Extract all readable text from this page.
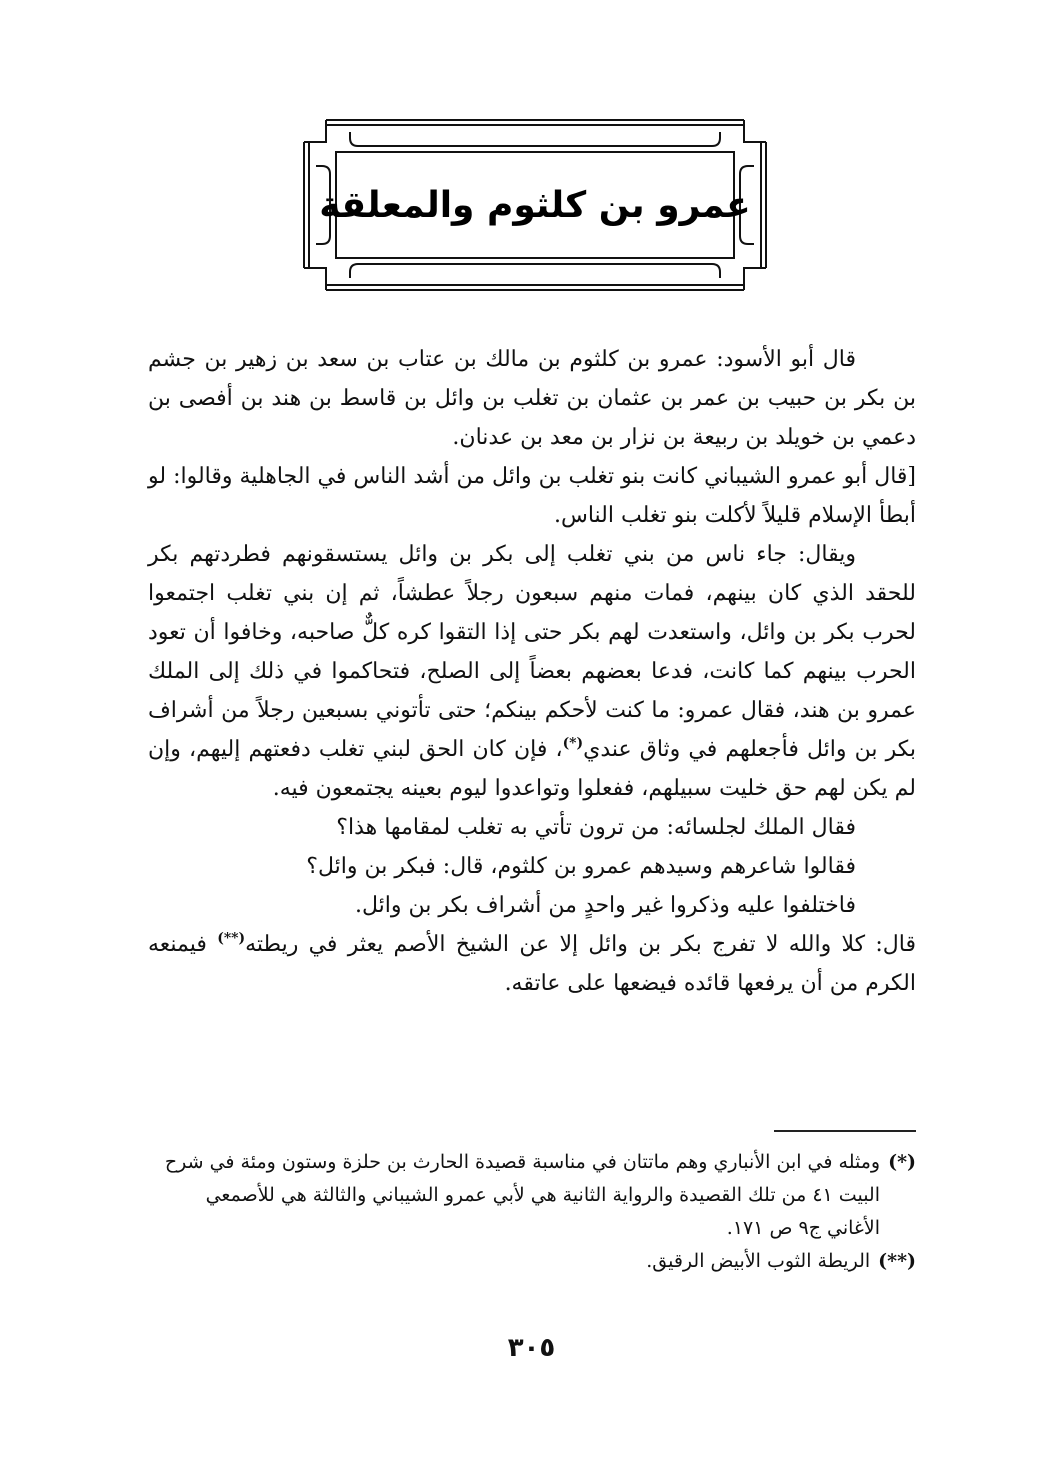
عمرو بن كلثوم والمعلقة

قال أبو الأسود: عمرو بن كلثوم بن مالك بن عتاب بن سعد بن زهير بن جشم بن بكر بن حبيب بن عمر بن عثمان بن تغلب بن وائل بن قاسط بن هند بن أفصى بن دعمي بن خويلد بن ربيعة بن نزار بن معد بن عدنان.

[قال أبو عمرو الشيباني كانت بنو تغلب بن وائل من أشد الناس في الجاهلية وقالوا: لو أبطأ الإسلام قليلاً لأكلت بنو تغلب الناس.

ويقال: جاء ناس من بني تغلب إلى بكر بن وائل يستسقونهم فطردتهم بكر للحقد الذي كان بينهم، فمات منهم سبعون رجلاً عطشاً، ثم إن بني تغلب اجتمعوا لحرب بكر بن وائل، واستعدت لهم بكر حتى إذا التقوا كره كلٌّ صاحبه، وخافوا أن تعود الحرب بينهم كما كانت، فدعا بعضهم بعضاً إلى الصلح، فتحاكموا في ذلك إلى الملك عمرو بن هند، فقال عمرو: ما كنت لأحكم بينكم؛ حتى تأتوني بسبعين رجلاً من أشراف بكر بن وائل فأجعلهم في وثاق عندي(*)، فإن كان الحق لبني تغلب دفعتهم إليهم، وإن لم يكن لهم حق خليت سبيلهم، ففعلوا وتواعدوا ليوم بعينه يجتمعون فيه.

فقال الملك لجلسائه: من ترون تأتي به تغلب لمقامها هذا؟

فقالوا شاعرهم وسيدهم عمرو بن كلثوم، قال: فبكر بن وائل؟

فاختلفوا عليه وذكروا غير واحدٍ من أشراف بكر بن وائل.

قال: كلا والله لا تفرج بكر بن وائل إلا عن الشيخ الأصم يعثر في ريطته(**) فيمنعه الكرم من أن يرفعها قائده فيضعها على عاتقه.

(*)ومثله في ابن الأنباري وهم ماتتان في مناسبة قصيدة الحارث بن حلزة وستون ومئة في شرح

البيت ٤١ من تلك القصيدة والرواية الثانية هي لأبي عمرو الشيباني والثالثة هي للأصمعي

الأغاني ج٩ ص ١٧١.

(**)الريطة الثوب الأبيض الرقيق.

٣٠٥
